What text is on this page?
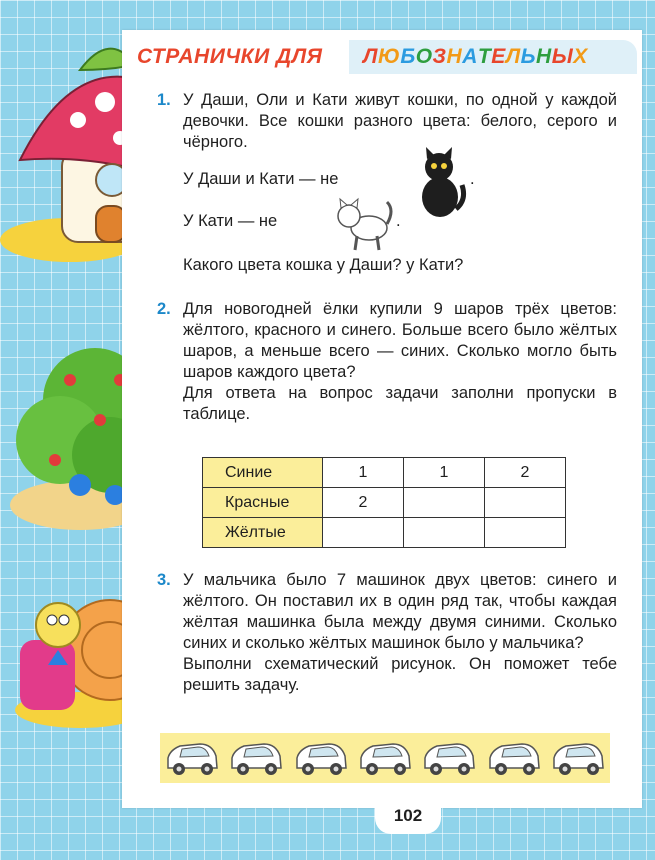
СТРАНИЧКИ ДЛЯ Л Ю Б О З Н А Т Е Л Ь Н Ы Х
1. У Даши, Оли и Кати живут кошки, по одной у каждой девочки. Все кошки разного цвета: белого, серого и чёрного.

У Даши и Кати — не	.
У Кати — не	.
Какого цвета кошка у Даши? у Кати?
2. Для новогодней ёлки купили 9 шаров трёх цветов: жёлтого, красного и синего. Больше всего было жёлтых шаров, а меньше всего — синих. Сколько могло быть шаров каждого цвета?

Для ответа на вопрос задачи заполни пропуски в таблице.

Синие	1	1	2
Красные	2		
Жёлтые			
3. У мальчика было 7 машинок двух цветов: синего и жёлтого. Он поставил их в один ряд так, чтобы каждая жёлтая машинка была между двумя синими. Сколько синих и сколько жёлтых машинок было у мальчика?

Выполни схематический рисунок. Он поможет тебе решить задачу.

102
